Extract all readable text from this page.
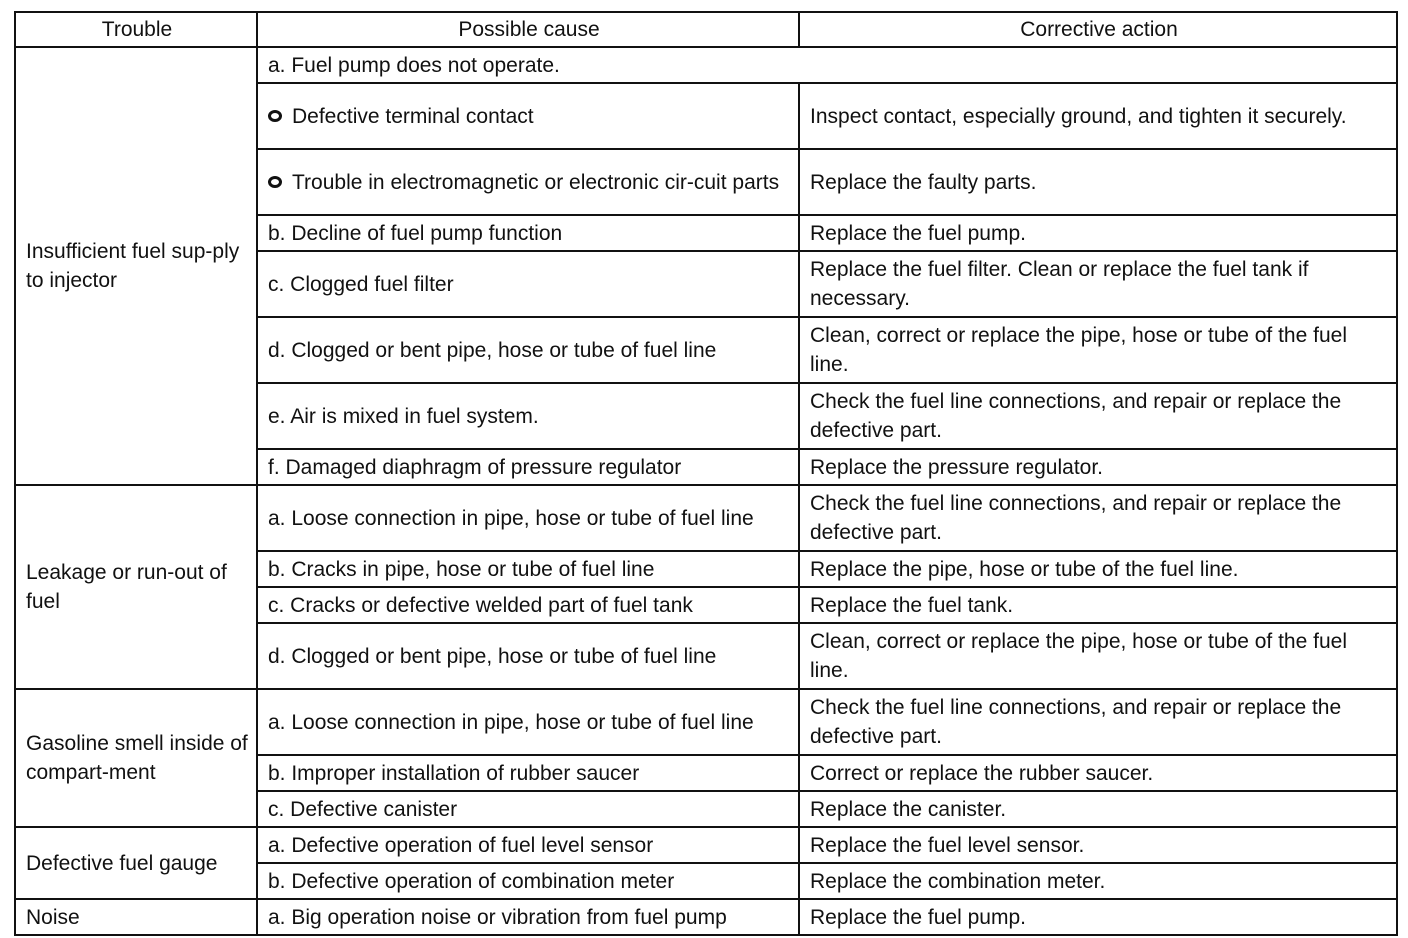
Trouble	Possible cause	Corrective action
Insufficient fuel sup-ply to injector	a. Fuel pump does not operate.	
	Defective terminal contact	Inspect contact, especially ground, and tighten it securely.
	Trouble in electromagnetic or electronic cir-cuit parts	Replace the faulty parts.
	b. Decline of fuel pump function	Replace the fuel pump.
	c. Clogged fuel filter	Replace the fuel filter. Clean or replace the fuel tank if necessary.
	d. Clogged or bent pipe, hose or tube of fuel line	Clean, correct or replace the pipe, hose or tube of the fuel line.
	e. Air is mixed in fuel system.	Check the fuel line connections, and repair or replace the defective part.
	f. Damaged diaphragm of pressure regulator	Replace the pressure regulator.
Leakage or run-out of fuel	a. Loose connection in pipe, hose or tube of fuel line	Check the fuel line connections, and repair or replace the defective part.
	b. Cracks in pipe, hose or tube of fuel line	Replace the pipe, hose or tube of the fuel line.
	c. Cracks or defective welded part of fuel tank	Replace the fuel tank.
	d. Clogged or bent pipe, hose or tube of fuel line	Clean, correct or replace the pipe, hose or tube of the fuel line.
Gasoline smell inside of compart-ment	a. Loose connection in pipe, hose or tube of fuel line	Check the fuel line connections, and repair or replace the defective part.
	b. Improper installation of rubber saucer	Correct or replace the rubber saucer.
	c. Defective canister	Replace the canister.
Defective fuel gauge	a. Defective operation of fuel level sensor	Replace the fuel level sensor.
	b. Defective operation of combination meter	Replace the combination meter.
Noise	a. Big operation noise or vibration from fuel pump	Replace the fuel pump.
